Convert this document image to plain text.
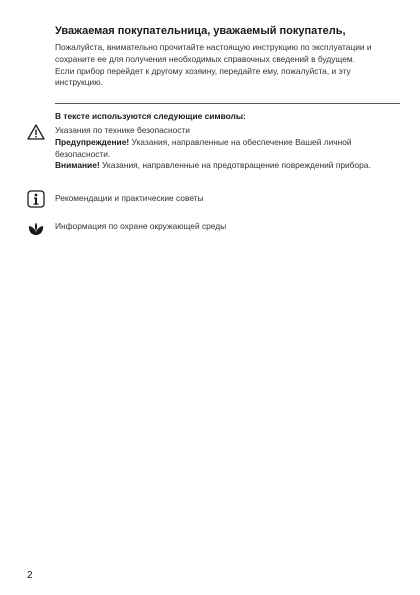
Уважаемая покупательница, уважаемый покупатель,

Пожалуйста, внимательно прочитайте настоящую инструкцию по эксплуатации и сохраните ее для получения необходимых справочных сведений в будущем.

Если прибор перейдет к другому хозяину, передайте ему, пожалуйста, и эту инструкцию.

В тексте используются следующие символы:

Указания по технике безопасности

Предупреждение! Указания, направленные на обеспечение Вашей личной безопасности.

Внимание! Указания, направленные на предотвращение повреждений прибора.

Рекомендации и практические советы

Информация по охране окружающей среды

2
